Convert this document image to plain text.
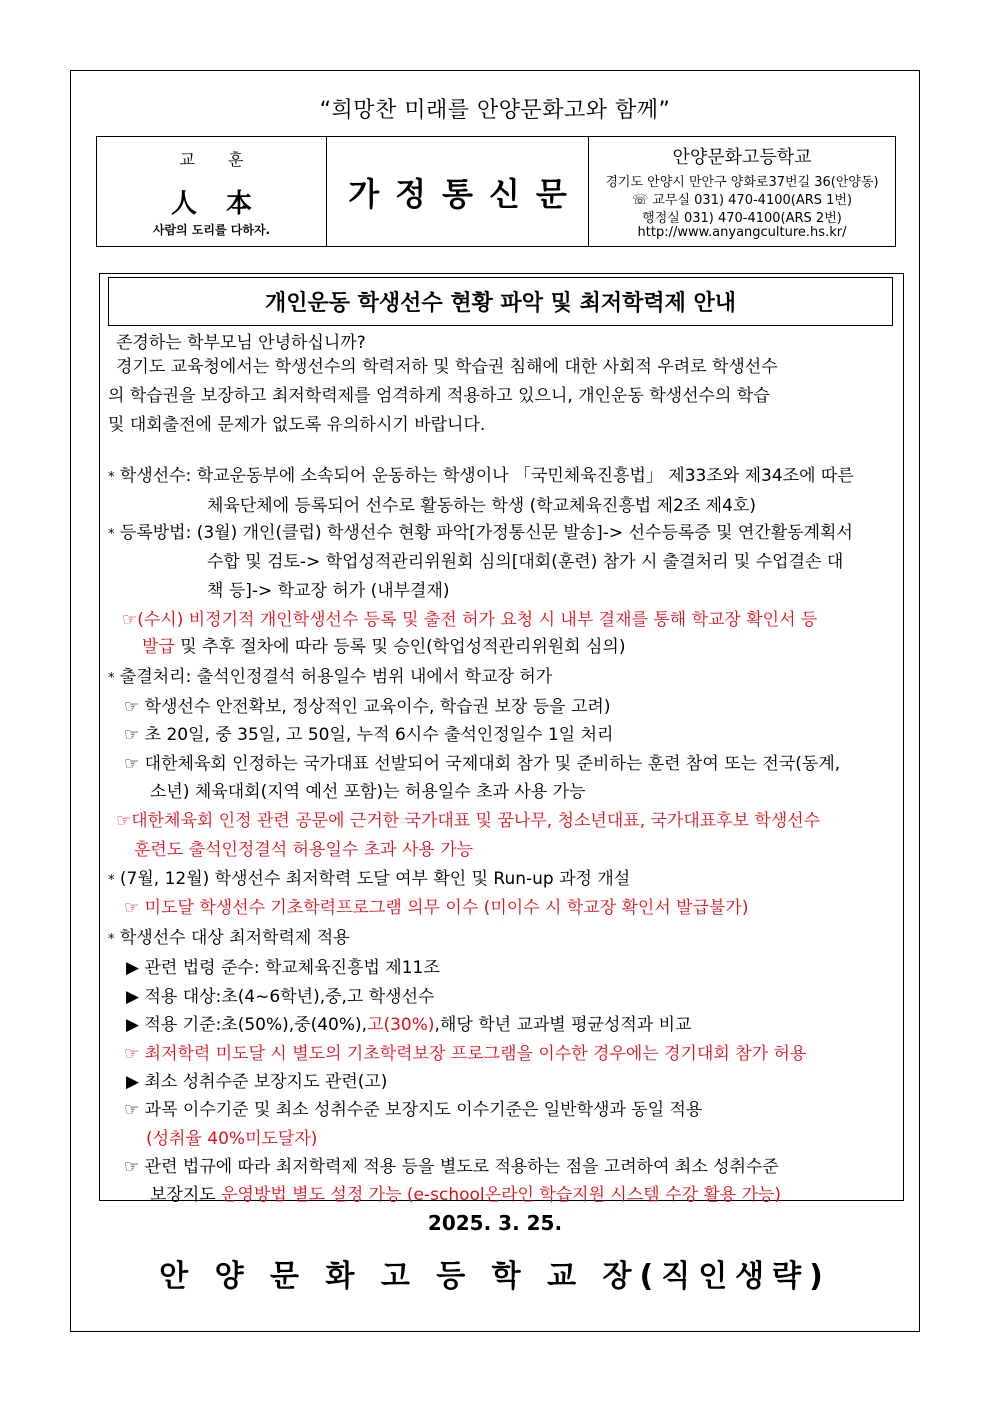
“희망찬 미래를 안양문화고와 함께”
교 훈
人 本
사람의 도리를 다하자.
가정통신문
안양문화고등학교
경기도 안양시 만안구 양화로37번길 36(안양동)
☏ 교무실 031) 470-4100(ARS 1번)
행정실 031) 470-4100(ARS 2번)
http://www.anyangculture.hs.kr/
개인운동 학생선수 현황 파악 및 최저학력제 안내
존경하는 학부모님 안녕하십니까?
경기도 교육청에서는 학생선수의 학력저하 및 학습권 침해에 대한 사회적 우려로 학생선수
의 학습권을 보장하고 최저학력제를 엄격하게 적용하고 있으니, 개인운동 학생선수의 학습
및 대회출전에 문제가 없도록 유의하시기 바랍니다.
* 학생선수: 학교운동부에 소속되어 운동하는 학생이나 「국민체육진흥법」 제33조와 제34조에 따른
체육단체에 등록되어 선수로 활동하는 학생 (학교체육진흥법 제2조 제4호)
* 등록방법: (3월) 개인(클럽) 학생선수 현황 파악[가정통신문 발송]-> 선수등록증 및 연간활동계획서
수합 및 검토-> 학업성적관리위원회 심의[대회(훈련) 참가 시 출결처리 및 수업결손 대
책 등]-> 학교장 허가 (내부결재)
☞(수시) 비정기적 개인학생선수 등록 및 출전 허가 요청 시 내부 결재를 통해 학교장 확인서 등
발급 및 추후 절차에 따라 등록 및 승인(학업성적관리위원회 심의)
* 출결처리: 출석인정결석 허용일수 범위 내에서 학교장 허가
☞ 학생선수 안전확보, 정상적인 교육이수, 학습권 보장 등을 고려)
☞ 초 20일, 중 35일, 고 50일, 누적 6시수 출석인정일수 1일 처리
☞ 대한체육회 인정하는 국가대표 선발되어 국제대회 참가 및 준비하는 훈련 참여 또는 전국(동계,
소년) 체육대회(지역 예선 포함)는 허용일수 초과 사용 가능
☞대한체육회 인정 관련 공문에 근거한 국가대표 및 꿈나무, 청소년대표, 국가대표후보 학생선수
훈련도 출석인정결석 허용일수 초과 사용 가능
* (7월, 12월) 학생선수 최저학력 도달 여부 확인 및 Run-up 과정 개설
☞ 미도달 학생선수 기초학력프로그램 의무 이수 (미이수 시 학교장 확인서 발급불가)
* 학생선수 대상 최저학력제 적용
▶ 관련 법령 준수: 학교체육진흥법 제11조
▶ 적용 대상:초(4~6학년),중,고 학생선수
▶ 적용 기준:초(50%),중(40%),고(30%),해당 학년 교과별 평균성적과 비교
☞ 최저학력 미도달 시 별도의 기초학력보장 프로그램을 이수한 경우에는 경기대회 참가 허용
▶ 최소 성취수준 보장지도 관련(고)
☞ 과목 이수기준 및 최소 성취수준 보장지도 이수기준은 일반학생과 동일 적용
(성취율 40%미도달자)
☞ 관련 법규에 따라 최저학력제 적용 등을 별도로 적용하는 점을 고려하여 최소 성취수준
보장지도 운영방법 별도 설정 가능 (e-school온라인 학습지원 시스템 수강 활용 가능)
2025. 3. 25.
안 양 문 화 고 등 학 교 장(직인생략)
